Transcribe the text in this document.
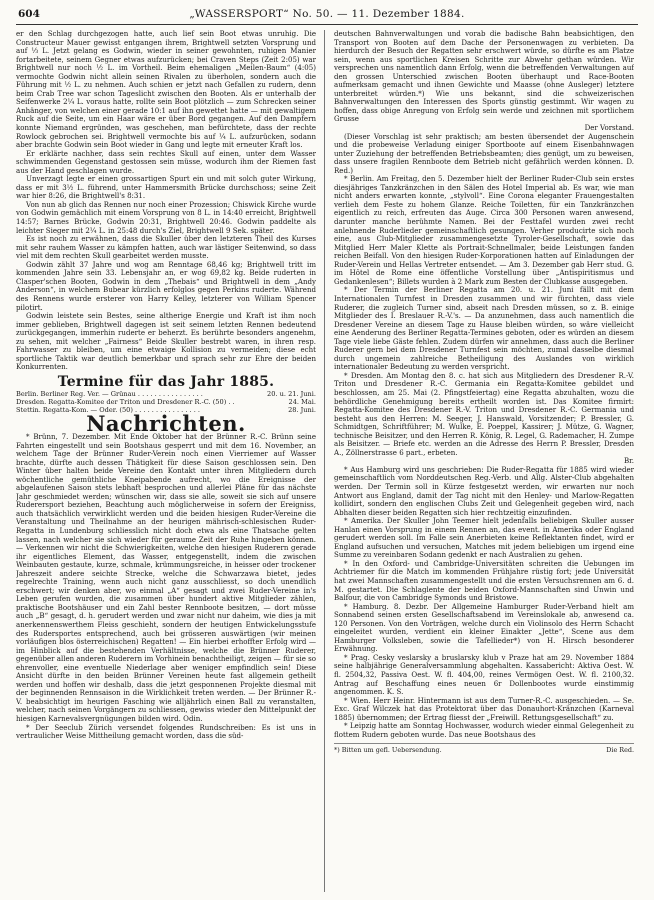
604	„WASSERSPORT“ No. 50. — 11. Dezember 1884.

er den Schlag durchgezogen hatte, auch lief sein Boot etwas unruhig. Die Constructeur Mauer gewisst entgangen ihrem, Brightwell setzten Vorsprung und auf ⅓ L. Jetzt gelang es Godwin, wieder in seiner gewohnten, ruhigen Manier fortarbeitete, seinem Gegner etwas aufzurücken; bei Craven Steps (Zeit 2:05) war Brightwell nur noch ½ L. im Vortheil. Beim ehemaligen „Meilen-Baum“ (4:05) vermochte Godwin nicht allein seinen Rivalen zu überholen, sondern auch die Führung mit ½ L. zu nehmen. Auch schien er jetzt nach Gefallen zu rudern, denn beim Crab Tree war schon Tageslicht zwischen den Booten. Als er unterhalb der Seifenwerke 2¼ L. voraus hatte, rollte sein Boot plötzlich — zum Schrecken seiner Anhänger, von welchen einer gerade 10:1 auf ihn gewettet hatte — mit gewaltigem Ruck auf die Seite, um ein Haar wäre er über Bord gegangen. Auf den Dampfern konnte Niemand ergründen, was geschehen, man befürchtete, dass der rechte Rowlock gebrochen sei. Brightwell vermochte bis auf ¼ L. aufzurücken, sodann aber brachte Godwin sein Boot wieder in Gang und legte mit erneuter Kraft los.

Er erklärte nachher, dass sein rechtes Skull auf einen, unter dem Wasser schwimmenden Gegenstand gestossen sein müsse, wodurch ihm der Riemen fast aus der Hand geschlagen wurde.

Unverzagt legte er einen grossartigen Spurt ein und mit solch guter Wirkung, dass er mit 3½ L. führend, unter Hammersmith Brücke durchschoss; seine Zeit war hier 8:26, die Brightwell's 8:31.

Von nun ab glich das Rennen nur noch einer Prozession; Chiswick Kirche wurde von Godwin gemächlich mit einem Vorsprung von 8 L. in 14:40 erreicht, Brightwell 14:57; Barnes Brücke, Godwin 20:31, Brightwell 20:46. Godwin paddelte als leichter Sieger mit 2¼ L. in 25:48 durch's Ziel, Brightwell 9 Sek. später.

Es ist noch zu erwähnen, dass die Skuller über den letzteren Theil des Kurses mit sehr rauhem Wasser zu kämpfen hatten, auch war lästiger Seitenwind, so dass viel mit dem rechten Skull gearbeitet werden musste.

Godwin zählt 37 Jahre und wog am Renntage 68,46 kg; Brightwell tritt im kommenden Jahre sein 33. Lebensjahr an, er wog 69,82 kg. Beide ruderten in Clasper'schen Booten, Godwin in dem „Thebais“ und Brightwell in dem „Andy Anderson“, in welchem Bubear kürzlich erfolglos gegen Perkins ruderte. Während des Rennens wurde ersterer von Harry Kelley, letzterer von William Spencer pilotirt.

Godwin leistete sein Bestes, seine altherige Energie und Kraft ist ihm noch immer geblieben, Brightwell dagegen ist seit seinem letzten Rennen bedeutend zurückgegangen, immerhin ruderte er beherzt. Es berührte besonders angenehm, zu sehen, mit welcher „Fairness“ Beide Skuller bestrebt waren, in ihren resp. Fahrwasser zu bleiben, um eine etwaige Kollision zu vermeiden; diese echt sportliche Taktik war deutlich bemerkbar und sprach sehr zur Ehre der beiden Konkurrenten.

Termine für das Jahr 1885.
Berlin. Berliner Reg. Ver. — Grünau . . . . . . . . . . . . . . . .	20. u. 21. Juni.
Dresden. Regatta-Komitee der Triton und Dresdener R.-C. (50) . .	24. Mai.
Stettin. Regatta-Kom. — Oder. (50) . . . . . . . . . . . . . . . .	28. Juni.
Nachrichten.

* Brünn, 7. Dezember. Mit Ende Oktober hat der Brünner R.-C. Brünn seine Fahrten eingestellt und sein Bootshaus gesperrt und mit dem 16. November, an welchem Tage der Brünner Ruder-Verein noch einen Vierriemer auf Wasser brachte, dürfte auch dessen Thätigkeit für diese Saison geschlossen sein. Den Winter über halten beide Vereine den Kontakt unter ihren Mitgliedern durch wöchentliche gemüthliche Kneipabende aufrecht, wo die Ereignisse der abgelaufenen Saison stets lebhaft besprochen und allerlei Pläne für das nächste Jahr geschmiedet werden; wünschen wir, dass sie alle, soweit sie sich auf unsere Ruderersport beziehen, Beachtung auch möglicherweise in sofern der Ereigniss, auch thatsächlich verwirklicht werden und die beiden hiesigen Ruder-Vereine die Veranstaltung und Theilnahme an der heurigen mährisch-schlesischen Ruder-Regatta in Lundenburg schliesslich nicht doch etwa als eine Thatsache gelten lassen, nach welcher sie sich wieder für geraume Zeit der Ruhe hingeben können. — Verkennen wir nicht die Schwierigkeiten, welche den hiesigen Ruderern gerade ihr eigentliches Element, das Wasser, entgegenstellt, indem die zwischen Weinbauten gestaute, kurze, schmale, krümmungsreiche, in heisser oder trockener Jahreszeit andere seichte Strecke, welche die Schwarzawa bietet, jedes regelrechte Training, wenn auch nicht ganz ausschliesst, so doch unendlich erschwert; wir denken aber, wo einmal „A“ gesagt und zwei Ruder-Vereine in's Leben gerufen wurden, die zusammen über hundert aktive Mitglieder zählen, praktische Bootshäuser und ein Zahl bester Rennboote besitzen, — dort müsse auch „B“ gesagt, d. h. gerudert werden und zwar nicht nur daheim, wie dies ja mit anerkennenswerthem Fleiss geschieht, sondern der heutigen Entwickelungsstufe des Rudersportes entsprechend, auch bei grösseren auswärtigen (wir meinen vorläufigen blos österreichischen) Regatten! — Ein hierbei erhoffter Erfolg wird — im Hinblick auf die bestehenden Verhältnisse, welche die Brünner Ruderer, gegenüber allen anderen Ruderern im Vorhinein benachtheiligt, zeigen — für sie so ehrenvoller, eine eventuelle Niederlage aber weniger empfindlich sein! Diese Ansicht dürfte in den beiden Brünner Vereinen heute fast allgemein getheilt werden und hoffen wir deshalb, dass die jetzt gesponnenen Projekte diesmal mit der beginnenden Rennsaison in die Wirklichkeit treten werden. — Der Brünner R.-V. beabsichtigt im heurigen Fasching wie alljährlich einen Ball zu veranstalten, welcher, nach seinen Vorgängern zu schliessen, gewiss wieder den Mittelpunkt der hiesigen Karnevalsvergnügungen bilden wird. Odin.

* Der Seeclub Zürich versendet folgendes Rundschreiben: Es ist uns in vertraulicher Weise Mittheilung gemacht worden, dass die süd-

deutschen Bahnverwaltungen und vorab die badische Bahn beabsichtigen, den Transport von Booten auf dem Dache der Personenwagen zu verbieten. Da hierdurch der Besuch der Regatten sehr erschwert würde, so dürfte es am Platze sein, wenn aus sportlichen Kreisen Schritte zur Abwehr gethan würden. Wir versprechen uns namentlich dann Erfolg, wenn die betreffenden Verwaltungen auf den grossen Unterschied zwischen Booten überhaupt und Race-Booten aufmerksam gemacht und ihnen Gewichte und Maasse (ohne Ausleger) letztere unterbreitet würden.*) Wie uns bekannt, sind die schweizerischen Bahnverwaltungen den Interessen des Sports günstig gestimmt. Wir wagen zu hoffen, dass obige Anregung von Erfolg sein werde und zeichnen mit sportlichem Grusse

Der Vorstand.

(Dieser Vorschlag ist sehr praktisch; am besten übersendet der Augenschein und die probeweise Verladung einiger Sportboote auf einem Eisenbahnwagen unter Zuziehung der betreffenden Betriebsbeamten; dies genügt, um zu beweisen, dass unsere fragilen Rennboote dem Betrieb nicht gefährlich werden können. D. Red.)

* Berlin. Am Freitag, den 5. Dezember hielt der Berliner Ruder-Club sein erstes diesjähriges Tanzkränzchen in den Sälen des Hotel Imperial ab. Es war, wie man nicht anders erwarten konnte, „stylvoll“. Eine Corona eleganter Frauengestalten verlieh dem Feste zu hohem Glanze. Reiche Toiletten, für ein Tanzkränzchen eigentlich zu reich, erfreuten das Auge. Circa 300 Personen waren anwesend, darunter manche berühmte Namen. Bei der Festtafel wurden zwei recht anlehnende Ruderlieder gemeinschaftlich gesungen. Verher producirte sich noch eine, aus Club-Mitglieder zusammengesetzte Tyroler-Gesellschaft, sowie das Mitglied Herr Maler Klette als Portrait-Schnellmaler, beide Leistungen fanden reichen Beifall. Von den hiesigen Ruder-Korporationen hatten auf Einladungen der Ruder-Verein und Hellas Vertreter entsendet. — Am 3. Dezember gab Herr stud. G. im Hôtel de Rome eine öffentliche Vorstellung über „Antispiritismus und Gedankenlesen“; Billets wurden à 2 Mark zum Besten der Clubkasse ausgegeben.

* Der Termin der Berliner Regatta am 20. u. 21. Juni fällt mit dem Internationalen Turnfest in Dresden zusammen und wir fürchten, dass viele Ruderer, die zugleich Turner sind, abseit nach Dresden müssen, so z. B. einige Mitglieder des I. Breslauer R.-V.'s. — Da anzunehmen, dass auch namentlich die Dresdener Vereine an diesem Tage zu Hause bleiben würden, so wäre vielleicht eine Aenderung des Berliner Regatta-Termines geboten, oder es würden an diesem Tage viele liebe Gäste fehlen. Zudem dürfen wir annehmen, dass auch die Berliner Ruderer gern bei dem Dresdener Turnfest sein möchten, zumal dasselbe diesmal durch ungemein zahlreiche Betheiligung des Auslandes von wirklich internationaler Bedeutung zu werden verspricht.

* Dresden. Am Montag den 8. c. hat sich aus Mitgliedern des Dresdener R.-V. Triton und Dresdener R.-C. Germania ein Regatta-Komitee gebildet und beschlossen, am 25. Mai (2. Pfingstfeiertag) eine Regatta abzuhalten, wozu die behördliche Genehmigung bereits ertheilt worden ist. Das Komitee firmirt: Regatta-Komitee des Dresdener R.-V. Triton und Dresdener R.-C. Germania und besteht aus den Herren: M. Seeger, J. Hanswald, Vorsitzender; P. Bressler, G. Schmidtgen, Schriftführer; M. Wulke, E. Poeppel, Kassirer; J. Mütze, G. Wagner, technische Beisitzer, und den Herren R. König, R. Legel, G. Rademacher, H. Zumpe als Beisitzer. — Briefe etc. werden an die Adresse des Herrn P. Bressler, Dresden A., Zöllnerstrasse 6 part., erbeten.

Br.

* Aus Hamburg wird uns geschrieben: Die Ruder-Regatta für 1885 wird wieder gemeinschaftlich vom Norddeutschen Reg.-Verb. und Allg. Alster-Club abgehalten werden. Der Termin soll in Kürze festgesetzt werden, wir erwarten nur noch Antwort aus England, damit der Tag nicht mit den Henley- und Marlow-Regatten kollidirt, sondern den englischen Clubs Zeit und Gelegenheit gegeben wird, nach Abhalten dieser beiden Regatten sich hier rechtzeitig einzufinden.

* Amerika. Der Skuller John Teemer hielt jedenfalls beliebigen Skuller ausser Hanlan einen Vorsprung in einem Rennen an, das event. in Amerika oder England gerudert werden soll. Im Falle sein Anerbieten keine Reflektanten findet, wird er England aufsuchen und versuchen, Matches mit jedem beliebigen um irgend eine Summe zu vereinbaren Sodann gedenkt er nach Australien zu gehen.

* In den Oxford- und Cambridge-Universitäten schreiten die Uebungen im Achtriemer für die Match im kommenden Frühjahre rüstig fort; jede Universität hat zwei Mannschaften zusammengestellt und die ersten Versuchsrennen am 6. d. M. gestartet. Die Schlaglente der beiden Oxford-Mannschaften sind Unwin und Balfour, die von Cambridge Symonds und Bristowe.

* Hamburg. 8. Dezbr. Der Allgemeine Hamburger Ruder-Verband hielt am Sonnabend seinen ersten Gesellschaftsabend im Vereinslokale ab, anwesend ca. 120 Personen. Von den Vorträgen, welche durch ein Violinsolo des Herrn Schacht eingeleitet wurden, verdient ein kleiner Einakter „Jette“, Scene aus dem Hamburger Volksleben, sowie die Tafellieder*) von H. Hirsch besonderer Erwähnung.

* Prag. Cesky veslarsky a bruslarsky klub v Praze hat am 29. November 1884 seine halbjährige Generalversammlung abgehalten. Kassabericht: Aktiva Oest. W. fl. 2504,32, Passiva Oest. W. fl. 404,00, reines Vermögen Oest. W. fl. 2100,32. Antrag auf Beschaffung eines neuen 6r Dollenbootes wurde einstimmig angenommen. K. S.

* Wien. Herr Heinr. Hintermann ist aus dem Turner-R.-C. ausgeschieden. — Se. Exc. Graf Wilczek hat das Protektorat über das Donauhort-Kränzchen (Karneval 1885) übernommen; der Ertrag fliesst der „Freiwill. Rettungsgesellschaft“ zu.

* Leipzig hatte am Sonntag Hochwasser, wodurch wieder einmal Gelegenheit zu flottem Rudern geboten wurde. Das neue Bootshaus des

*) Bitten um gefl. Uebersendung.	Die Red.
